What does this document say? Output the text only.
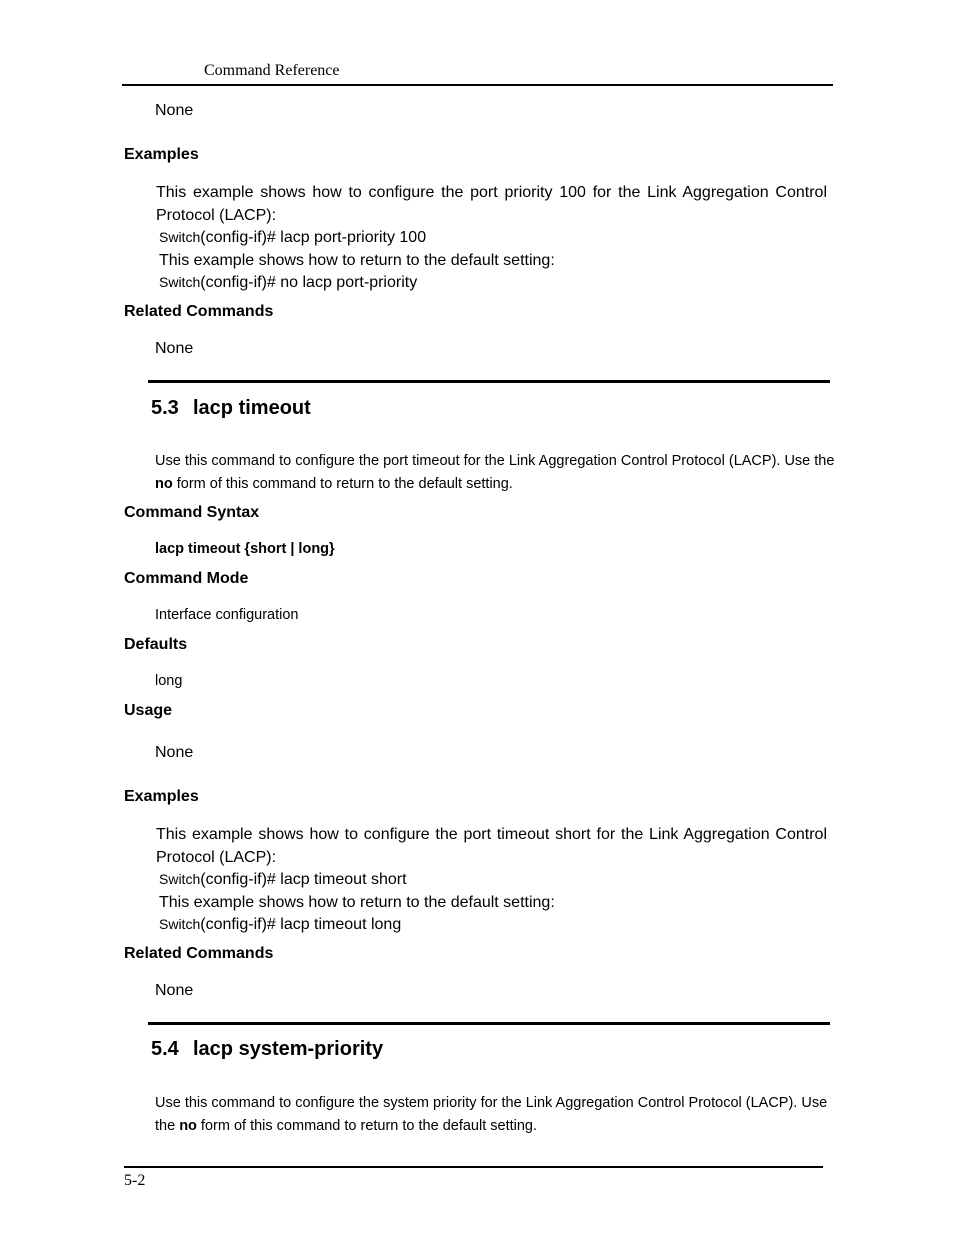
Command Reference
None
Examples
This example shows how to configure the port priority 100 for the Link Aggregation Control Protocol (LACP):
Switch(config-if)# lacp port-priority 100
This example shows how to return to the default setting:
Switch(config-if)# no lacp port-priority
Related Commands
None
5.3 lacp timeout
Use this command to configure the port timeout for the Link Aggregation Control Protocol (LACP). Use the no form of this command to return to the default setting.
Command Syntax
lacp timeout {short | long}
Command Mode
Interface configuration
Defaults
long
Usage
None
Examples
This example shows how to configure the port timeout short for the Link Aggregation Control Protocol (LACP):
Switch(config-if)# lacp timeout short
This example shows how to return to the default setting:
Switch(config-if)# lacp timeout long
Related Commands
None
5.4 lacp system-priority
Use this command to configure the system priority for the Link Aggregation Control Protocol (LACP). Use the no form of this command to return to the default setting.
5-2
